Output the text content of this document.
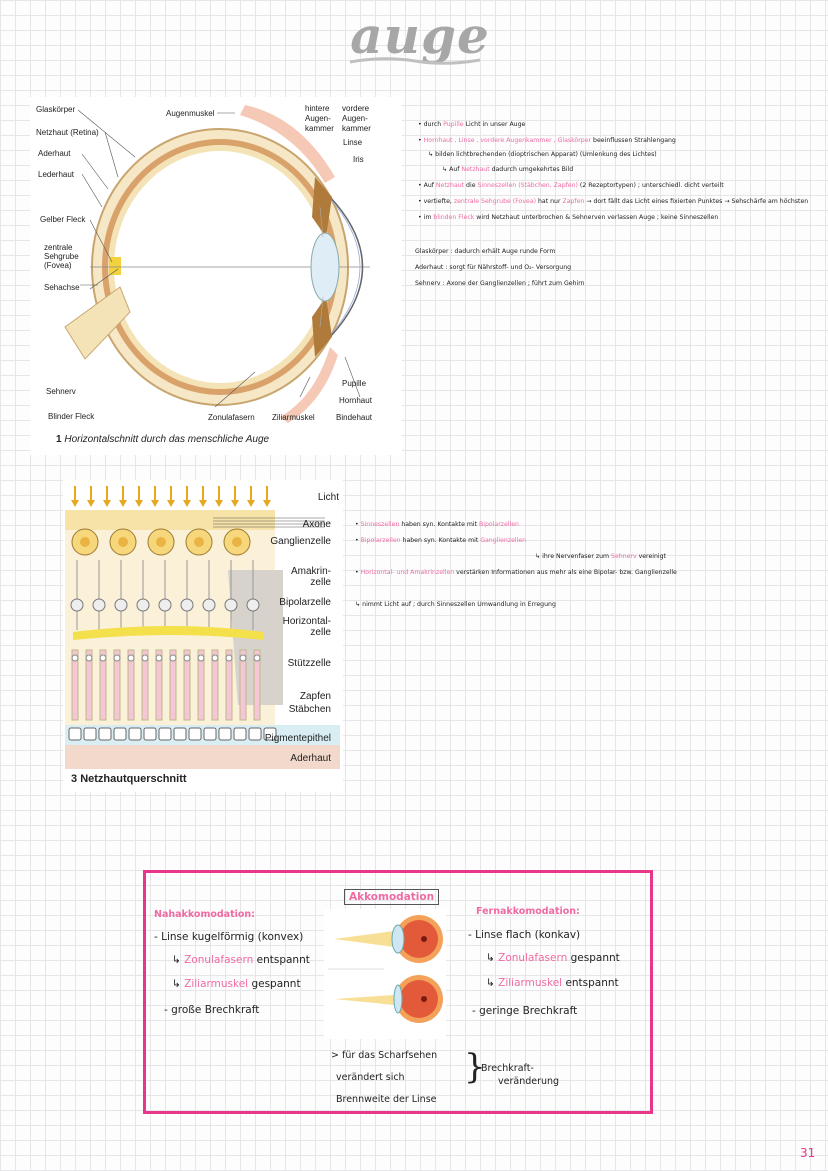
auge
Glaskörper
Netzhaut (Retina)
Aderhaut
Lederhaut
Gelber Fleck
zentrale
Sehgrube
(Fovea)
Sehachse
Sehnerv
Blinder Fleck
Augenmuskel
hintere
Augen-
kammer
vordere
Augen-
kammer
Linse
Iris
Pupille
Hornhaut
Bindehaut
Zonulafasern Ziliarmuskel
1 Horizontalschnitt durch das menschliche Auge
• durch Pupille Licht in unser Auge
• Hornhaut , Linse , vordere Augenkammer , Glaskörper beeinflussen Strahlengang
↳ bilden lichtbrechenden (dioptrischen Apparat) (Umlenkung des Lichtes)
↳ Auf Netzhaut dadurch umgekehrtes Bild
• Auf Netzhaut die Sinneszellen (Stäbchen, Zapfen) (2 Rezeptortypen) ; unterschiedl. dicht verteilt
• vertiefte, zentrale Sehgrube (Fovea) hat nur Zapfen → dort fällt das Licht eines fixierten Punktes → Sehschärfe am höchsten
• im blinden Fleck wird Netzhaut unterbrochen & Sehnerven verlassen Auge ; keine Sinneszellen
Glaskörper : dadurch erhält Auge runde Form
Aderhaut : sorgt für Nährstoff- und O₂- Versorgung
Sehnerv : Axone der Ganglienzellen ; führt zum Gehirn
Licht
Axone
Ganglienzelle
Amakrin-
zelle
Bipolarzelle
Horizontal-
zelle
Stützzelle
Zapfen
Stäbchen
Pigmentepithel
Aderhaut
3 Netzhautquerschnitt
• Sinneszellen haben syn. Kontakte mit Bipolarzellen
• Bipolarzellen haben syn. Kontakte mit Ganglienzellen
↳ ihre Nervenfaser zum Sehnerv vereinigt
• Horizontal- und Amakrinzellen verstärken Informationen aus mehr als eine Bipolar- bzw. Ganglienzelle
↳ nimmt Licht auf ; durch Sinneszellen Umwandlung in Erregung
Akkomodation
Nahakkomodation:
- Linse kugelförmig (konvex)
↳ Zonulafasern entspannt
↳ Ziliarmuskel gespannt
- große Brechkraft
Fernakkomodation:
- Linse flach (konkav)
↳ Zonulafasern gespannt
↳ Ziliarmuskel entspannt
- geringe Brechkraft
> für das Scharfsehen
verändert sich
Brennweite der Linse
}
Brechkraft-
veränderung
31
